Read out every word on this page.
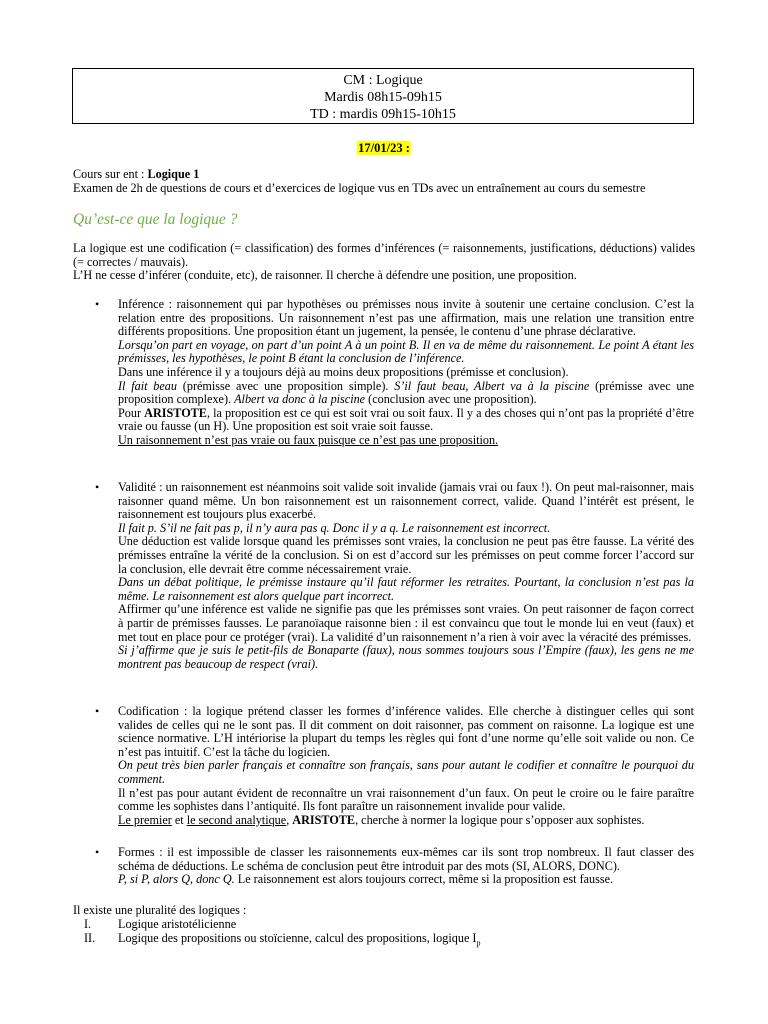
CM : Logique
Mardis 08h15-09h15
TD : mardis 09h15-10h15
17/01/23 :
Cours sur ent : Logique 1
Examen de 2h de questions de cours et d’exercices de logique vus en TDs avec un entraînement au cours du semestre
Qu’est-ce que la logique ?
La logique est une codification (= classification) des formes d’inférences (= raisonnements, justifications, déductions) valides (= correctes / mauvais).
L’H ne cesse d’inférer (conduite, etc), de raisonner. Il cherche à défendre une position, une proposition.
• Inférence : raisonnement qui par hypothèses ou prémisses nous invite à soutenir une certaine conclusion. C’est la relation entre des propositions. Un raisonnement n’est pas une affirmation, mais une relation une transition entre différents propositions. Une proposition étant un jugement, la pensée, le contenu d’une phrase déclarative.

Lorsqu’on part en voyage, on part d’un point A à un point B. Il en va de même du raisonnement. Le point A étant les prémisses, les hypothèses, le point B étant la conclusion de l’inférence.

Dans une inférence il y a toujours déjà au moins deux propositions (prémisse et conclusion).

Il fait beau (prémisse avec une proposition simple). S’il faut beau, Albert va à la piscine (prémisse avec une proposition complexe). Albert va donc à la piscine (conclusion avec une proposition).

Pour ARISTOTE, la proposition est ce qui est soit vrai ou soit faux. Il y a des choses qui n’ont pas la propriété d’être vraie ou fausse (un H). Une proposition est soit vraie soit fausse.

Un raisonnement n’est pas vraie ou faux puisque ce n’est pas une proposition.

• Validité : un raisonnement est néanmoins soit valide soit invalide (jamais vrai ou faux !). On peut mal-raisonner, mais raisonner quand même. Un bon raisonnement est un raisonnement correct, valide. Quand l’intérêt est présent, le raisonnement est toujours plus exacerbé.

Il fait p. S’il ne fait pas p, il n’y aura pas q. Donc il y a q. Le raisonnement est incorrect.

Une déduction est valide lorsque quand les prémisses sont vraies, la conclusion ne peut pas être fausse. La vérité des prémisses entraîne la vérité de la conclusion. Si on est d’accord sur les prémisses on peut comme forcer l’accord sur la conclusion, elle devrait être comme nécessairement vraie.

Dans un débat politique, le prémisse instaure qu’il faut réformer les retraites. Pourtant, la conclusion n’est pas la même. Le raisonnement est alors quelque part incorrect.

Affirmer qu’une inférence est valide ne signifie pas que les prémisses sont vraies. On peut raisonner de façon correct à partir de prémisses fausses. Le paranoïaque raisonne bien : il est convaincu que tout le monde lui en veut (faux) et met tout en place pour ce protéger (vrai). La validité d’un raisonnement n’a rien à voir avec la véracité des prémisses.

Si j’affirme que je suis le petit-fils de Bonaparte (faux), nous sommes toujours sous l’Empire (faux), les gens ne me montrent pas beaucoup de respect (vrai).

• Codification : la logique prétend classer les formes d’inférence valides. Elle cherche à distinguer celles qui sont valides de celles qui ne le sont pas. Il dit comment on doit raisonner, pas comment on raisonne. La logique est une science normative. L’H intériorise la plupart du temps les règles qui font d’une norme qu’elle soit valide ou non. Ce n’est pas intuitif. C’est la tâche du logicien.

On peut très bien parler français et connaître son français, sans pour autant le codifier et connaître le pourquoi du comment.

Il n’est pas pour autant évident de reconnaître un vrai raisonnement d’un faux. On peut le croire ou le faire paraître comme les sophistes dans l’antiquité. Ils font paraître un raisonnement invalide pour valide.

Le premier et le second analytique, ARISTOTE, cherche à normer la logique pour s’opposer aux sophistes.

• Formes : il est impossible de classer les raisonnements eux-mêmes car ils sont trop nombreux. Il faut classer des schéma de déductions. Le schéma de conclusion peut être introduit par des mots (SI, ALORS, DONC).

P, si P, alors Q, donc Q. Le raisonnement est alors toujours correct, même si la proposition est fausse.

Il existe une pluralité des logiques :
I. Logique aristotélicienne
II. Logique des propositions ou stoïcienne, calcul des propositions, logique $I_p$
